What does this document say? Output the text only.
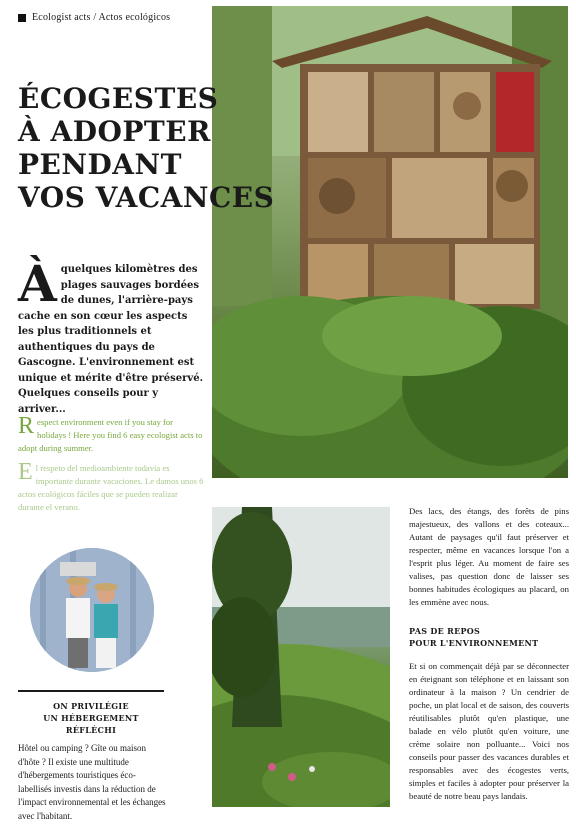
Ecologist acts / Actos ecológicos
ÉCOGESTES
À ADOPTER
PENDANT
VOS VACANCES

Àquelques kilomètres des plages sauvages bordées de dunes, l'arrière-pays cache en son cœur les aspects les plus traditionnels et authentiques du pays de Gascogne. L'environnement est unique et mérite d'être préservé. Quelques conseils pour y arriver...

Respect environment even if you stay for holidays ! Here you find 6 easy ecologist acts to adopt during summer.

El respeto del medioambiente todavía es importante durante vacaciones. Le damos unos 6 actos ecológicos fáciles que se pueden realizar durante el verano.

ON PRIVILÉGIE
UN HÉBERGEMENT RÉFLÉCHI

Hôtel ou camping ? Gîte ou maison d'hôte ? Il existe une multitude d'hébergements touristiques éco-labellisés investis dans la réduction de l'impact environnemental et les échanges avec l'habitant.

Des lacs, des étangs, des forêts de pins majestueux, des vallons et des coteaux... Autant de paysages qu'il faut préserver et respecter, même en vacances lorsque l'on a l'esprit plus léger. Au moment de faire ses valises, pas question donc de laisser ses bonnes habitudes écologiques au placard, on les emmène avec nous.

PAS DE REPOS
POUR L'ENVIRONNEMENT

Et si on commençait déjà par se déconnecter en éteignant son téléphone et en laissant son ordinateur à la maison ? Un cendrier de poche, un plat local et de saison, des couverts réutilisables plutôt qu'en plastique, une balade en vélo plutôt qu'en voiture, une crème solaire non polluante... Voici nos conseils pour passer des vacances durables et responsables avec des écogestes verts, simples et faciles à adopter pour préserver la beauté de notre beau pays landais.
